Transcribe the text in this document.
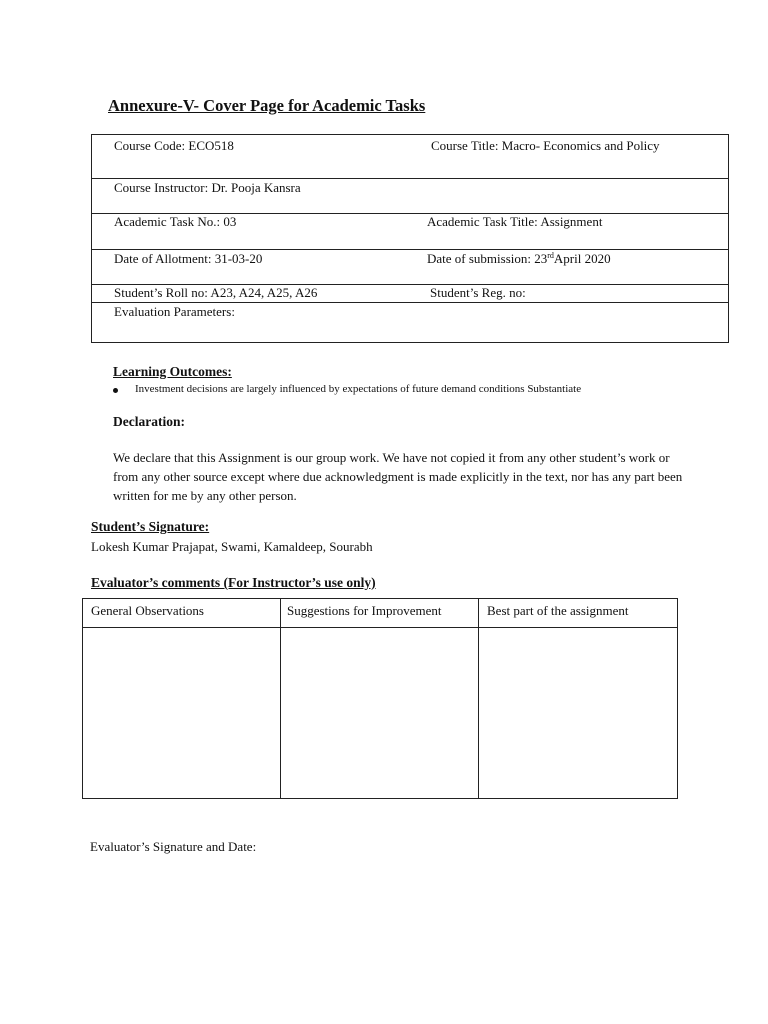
Annexure-V- Cover Page for Academic Tasks
Course Code: ECO518	Course Title: Macro- Economics and Policy
Course Instructor: Dr. Pooja Kansra
Academic Task No.: 03	Academic Task Title: Assignment
Date of Allotment: 31-03-20	Date of submission: 23rdApril 2020
Student’s Roll no: A23, A24, A25, A26	Student’s Reg. no:
Evaluation Parameters:
Learning Outcomes:
Investment decisions are largely influenced by expectations of future demand conditions Substantiate
Declaration:
We declare that this Assignment is our group work. We have not copied it from any other student’s work or from any other source except where due acknowledgment is made explicitly in the text, nor has any part been written for me by any other person.
Student’s Signature:
Lokesh Kumar Prajapat, Swami, Kamaldeep, Sourabh
Evaluator’s comments (For Instructor’s use only)
General Observations	Suggestions for Improvement	Best part of the assignment
Evaluator’s Signature and Date:
